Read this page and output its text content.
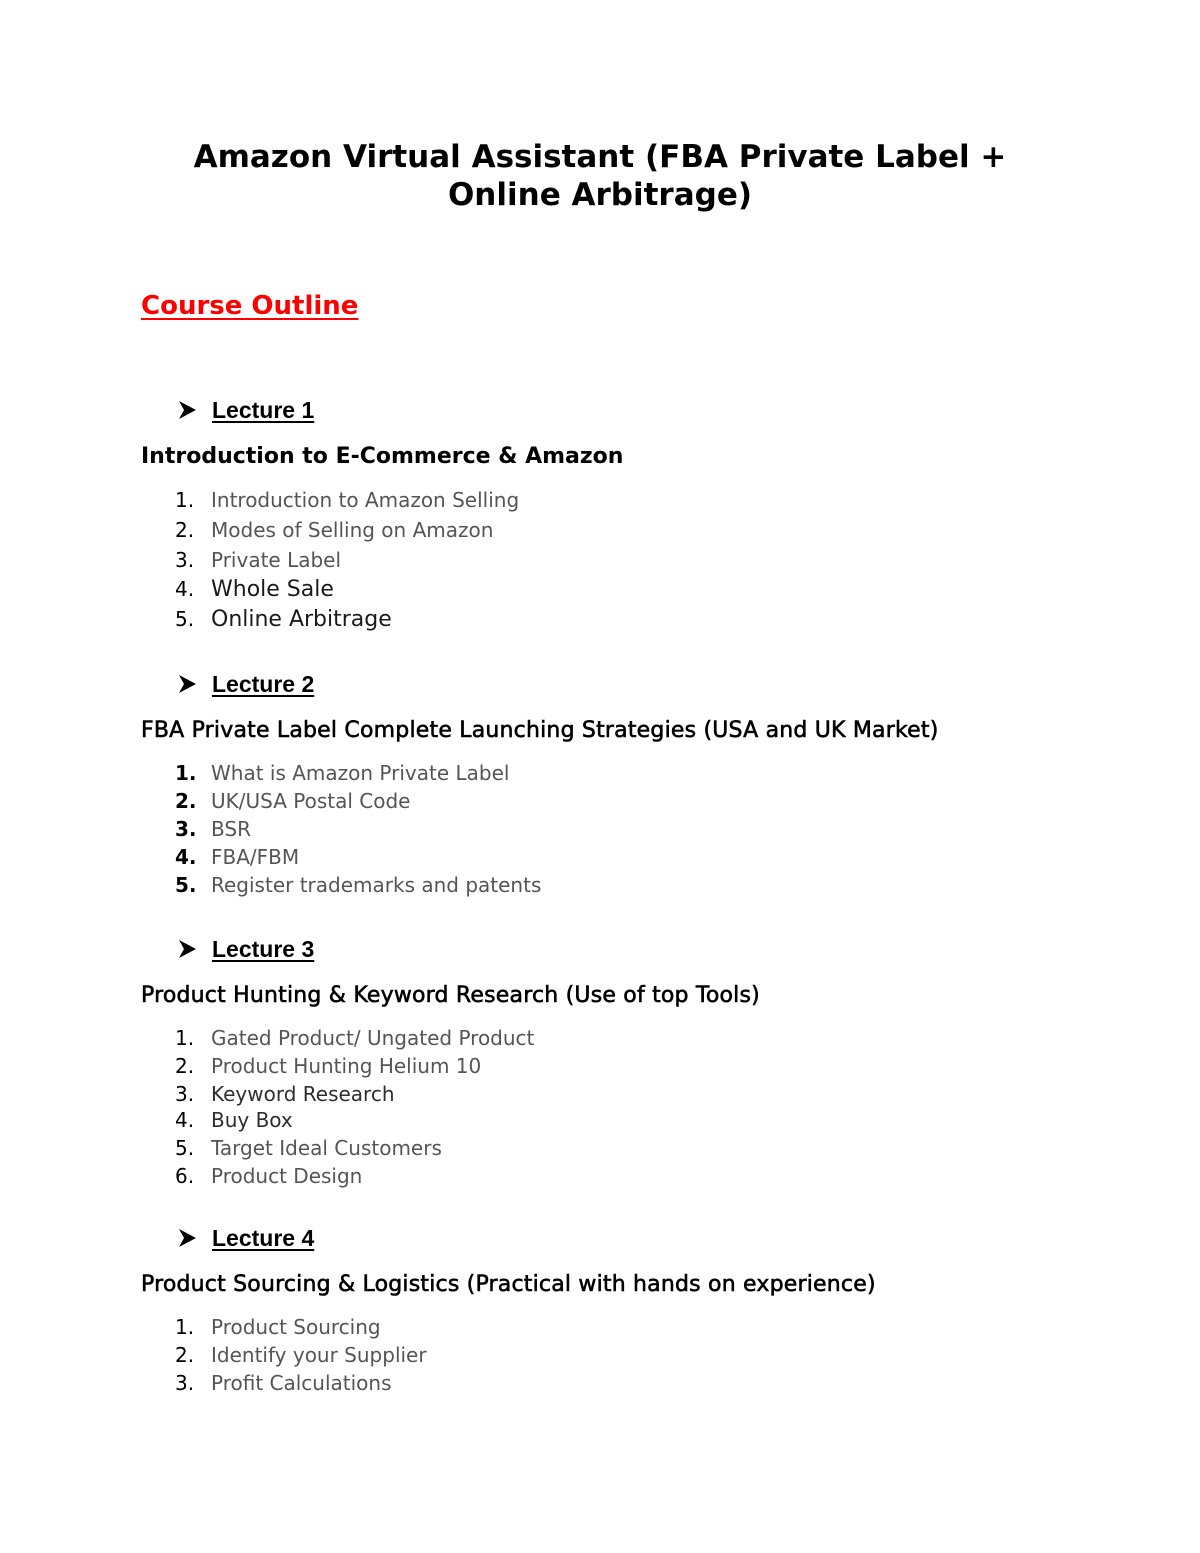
Amazon Virtual Assistant (FBA Private Label +
Online Arbitrage)
Course Outline
Lecture 1
Introduction to E-Commerce & Amazon
1. Introduction to Amazon Selling
2. Modes of Selling on Amazon
3. Private Label
4. Whole Sale
5. Online Arbitrage
Lecture 2
FBA Private Label Complete Launching Strategies (USA and UK Market)
1. What is Amazon Private Label
2. UK/USA Postal Code
3. BSR
4. FBA/FBM
5. Register trademarks and patents
Lecture 3
Product Hunting & Keyword Research (Use of top Tools)
1. Gated Product/ Ungated Product
2. Product Hunting Helium 10
3. Keyword Research
4. Buy Box
5. Target Ideal Customers
6. Product Design
Lecture 4
Product Sourcing & Logistics (Practical with hands on experience)
1. Product Sourcing
2. Identify your Supplier
3. Profit Calculations
